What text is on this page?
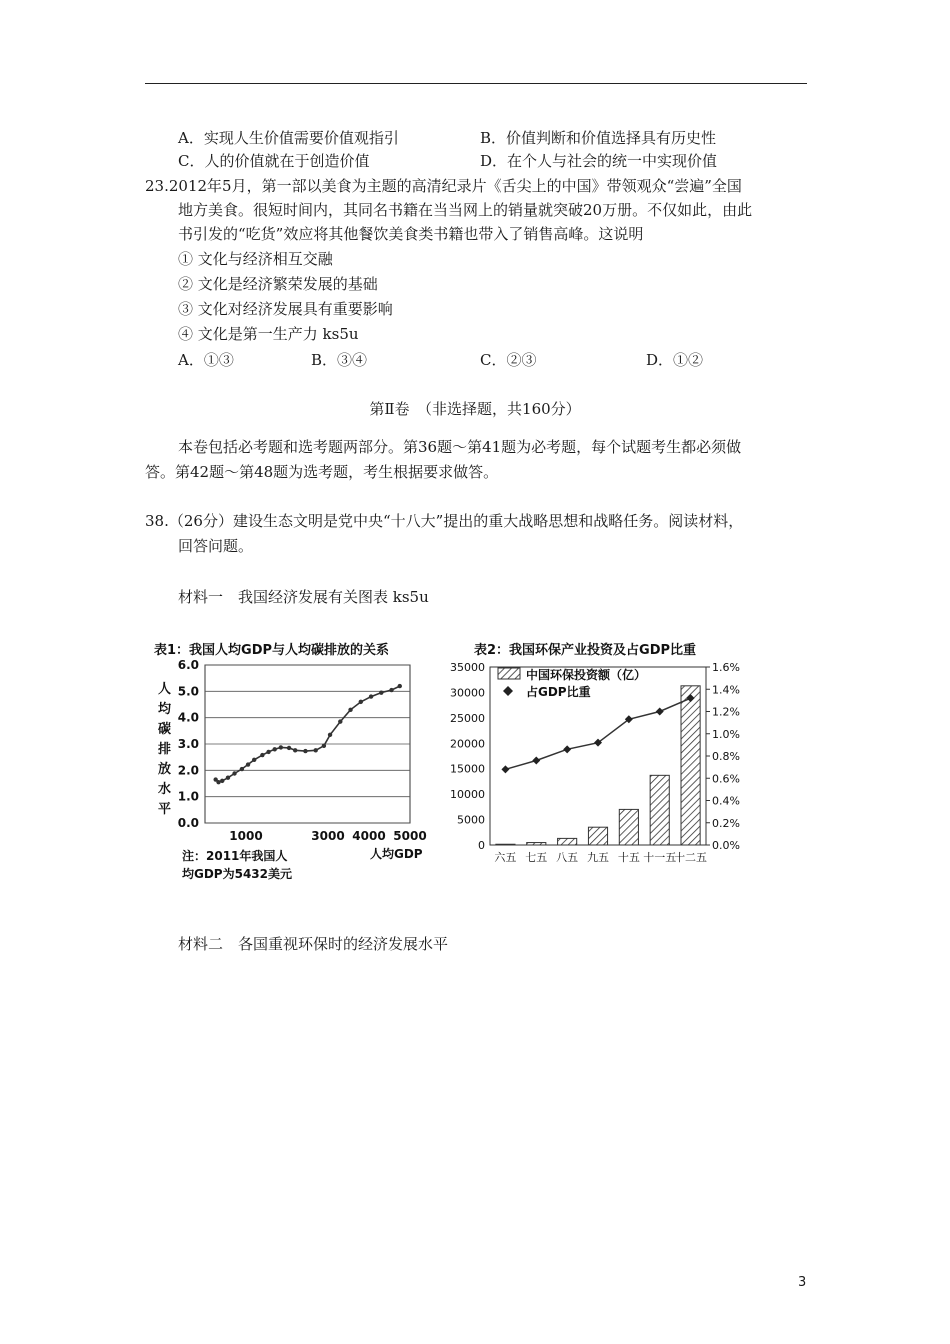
A．实现人生价值需要价值观指引	B．价值判断和价值选择具有历史性
C．人的价值就在于创造价值	D．在个人与社会的统一中实现价值
23.2012年5月，第一部以美食为主题的高清纪录片《舌尖上的中国》带领观众“尝遍”全国
地方美食。很短时间内，其同名书籍在当当网上的销量就突破20万册。不仅如此，由此
书引发的“吃货”效应将其他餐饮美食类书籍也带入了销售高峰。这说明
① 文化与经济相互交融
② 文化是经济繁荣发展的基础
③ 文化对经济发展具有重要影响
④ 文化是第一生产力 ks5u
A．①③	B．③④	C．②③	D．①②
第Ⅱ卷　（非选择题，共160分）
本卷包括必考题和选考题两部分。第36题～第41题为必考题，每个试题考生都必须做
答。第42题～第48题为选考题，考生根据要求做答。
38.（26分）建设生态文明是党中央“十八大”提出的重大战略思想和战略任务。阅读材料，
回答问题。
材料一　我国经济发展有关图表 ks5u
表1：我国人均GDP与人均碳排放的关系
人
均
碳
排
放
水
平
6.0
5.0
4.0
3.0
2.0
1.0
0.0
1000	3000 4000 5000
人均GDP
注：2011年我国人
均GDP为5432美元
表2：我国环保产业投资及占GDP比重
35000
30000
25000
20000
15000
10000
5000
0
1.6%
1.4%
1.2%
1.0%
0.8%
0.6%
0.4%
0.2%
0.0%
六五 七五 八五 九五 十五 十一五
十二五
中国环保投资额（亿）
占GDP比重
材料二　各国重视环保时的经济发展水平
3
